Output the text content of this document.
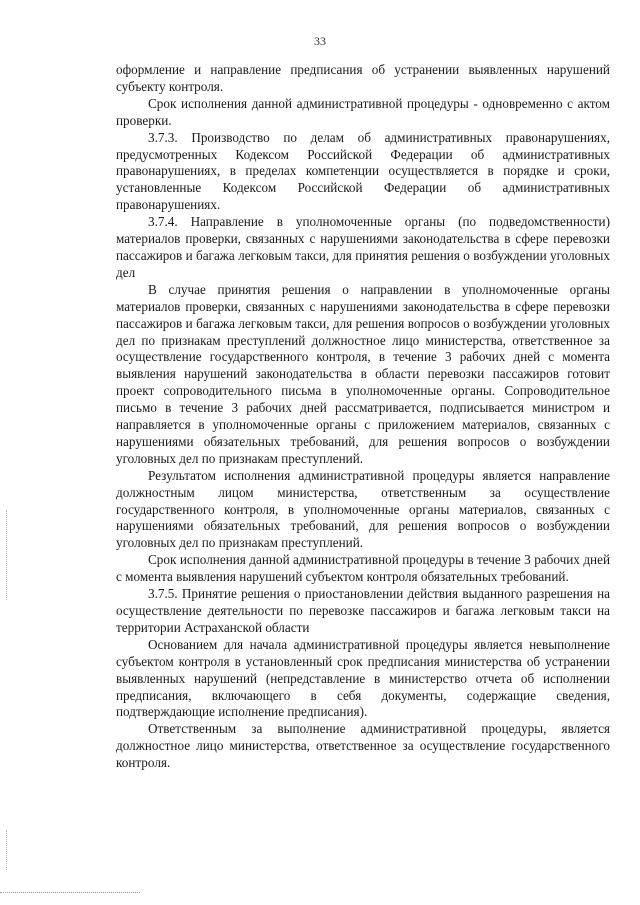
33

оформление и направление предписания об устранении выявленных нарушений субъекту контроля.

Срок исполнения данной административной процедуры - одновременно с актом проверки.

3.7.3. Производство по делам об административных правонарушениях, предусмотренных Кодексом Российской Федерации об административных правонарушениях, в пределах компетенции осуществляется в порядке и сроки, установленные Кодексом Российской Федерации об административных правонарушениях.

3.7.4. Направление в уполномоченные органы (по подведомственности) материалов проверки, связанных с нарушениями законодательства в сфере перевозки пассажиров и багажа легковым такси, для принятия решения о возбуждении уголовных дел

В случае принятия решения о направлении в уполномоченные органы материалов проверки, связанных с нарушениями законодательства в сфере перевозки пассажиров и багажа легковым такси, для решения вопросов о возбуждении уголовных дел по признакам преступлений должностное лицо министерства, ответственное за осуществление государственного контроля, в течение 3 рабочих дней с момента выявления нарушений законодательства в области перевозки пассажиров готовит проект сопроводительного письма в уполномоченные органы. Сопроводительное письмо в течение 3 рабочих дней рассматривается, подписывается министром и направляется в уполномоченные органы с приложением материалов, связанных с нарушениями обязательных требований, для решения вопросов о возбуждении уголовных дел по признакам преступлений.

Результатом исполнения административной процедуры является направление должностным лицом министерства, ответственным за осуществление государственного контроля, в уполномоченные органы материалов, связанных с нарушениями обязательных требований, для решения вопросов о возбуждении уголовных дел по признакам преступлений.

Срок исполнения данной административной процедуры в течение 3 рабочих дней с момента выявления нарушений субъектом контроля обязательных требований.

3.7.5. Принятие решения о приостановлении действия выданного разрешения на осуществление деятельности по перевозке пассажиров и багажа легковым такси на территории Астраханской области

Основанием для начала административной процедуры является невыполнение субъектом контроля в установленный срок предписания министерства об устранении выявленных нарушений (непредставление в министерство отчета об исполнении предписания, включающего в себя документы, содержащие сведения, подтверждающие исполнение предписания).

Ответственным за выполнение административной процедуры, является должностное лицо министерства, ответственное за осуществление государственного контроля.
